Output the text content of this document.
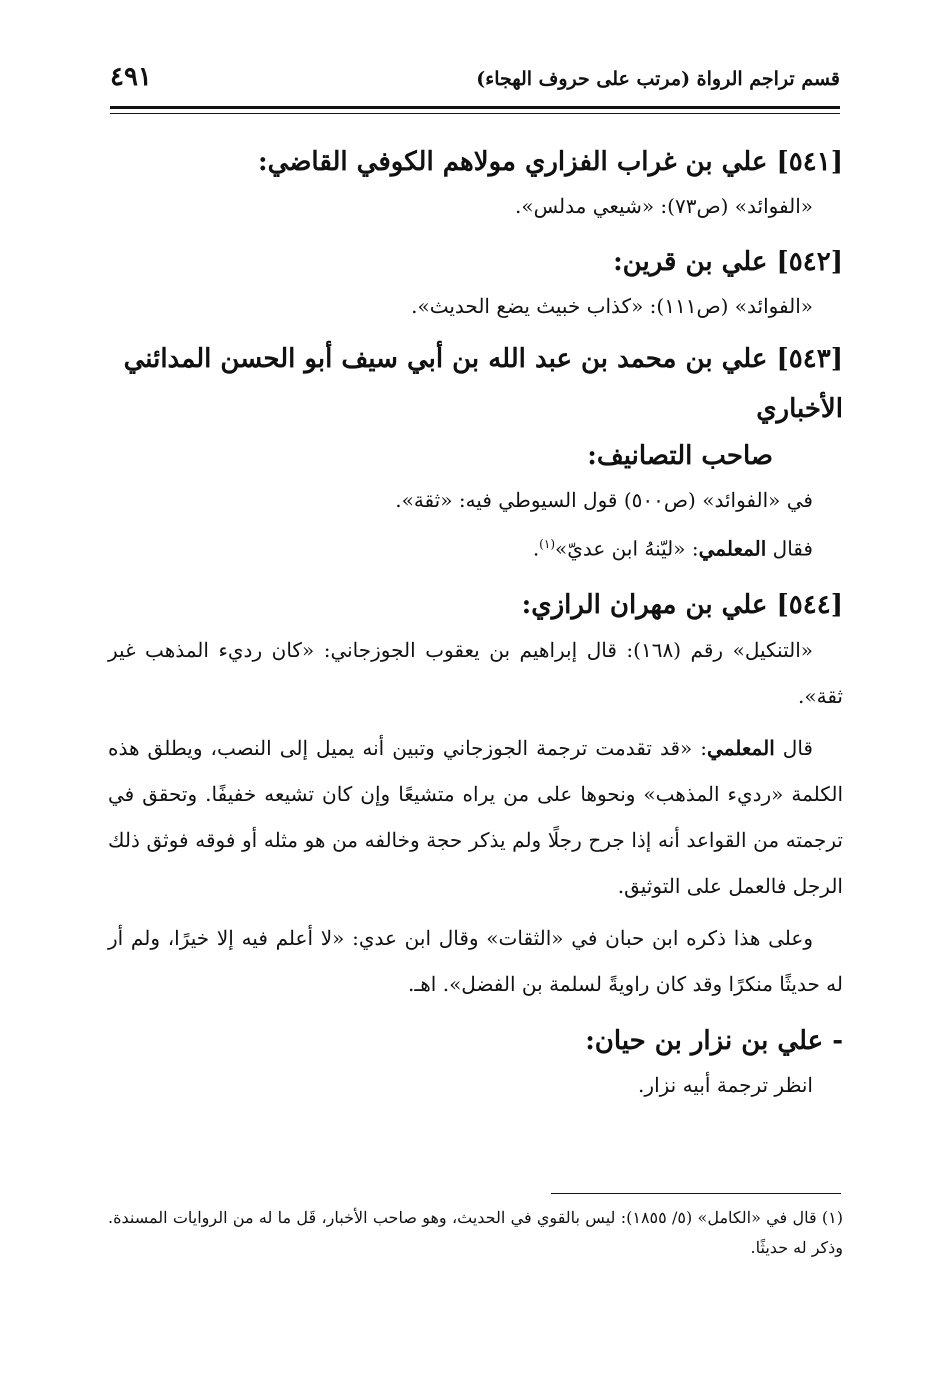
قسم تراجم الرواة (مرتب على حروف الهجاء)
٤٩١

[٥٤١] علي بن غراب الفزاري مولاهم الكوفي القاضي:

«الفوائد» (ص٧٣): «شيعي مدلس».

[٥٤٢] علي بن قرين:

«الفوائد» (ص١١١): «كذاب خبيث يضع الحديث».

[٥٤٣] علي بن محمد بن عبد الله بن أبي سيف أبو الحسن المدائني الأخباري

صاحب التصانيف:

في «الفوائد» (ص٥٠٠) قول السيوطي فيه: «ثقة».

فقال المعلمي: «ليّنهُ ابن عديّ»$^{(١)}$.

[٥٤٤] علي بن مهران الرازي:

«التنكيل» رقم (١٦٨): قال إبراهيم بن يعقوب الجوزجاني: «كان رديء المذهب غير ثقة».

قال المعلمي: «قد تقدمت ترجمة الجوزجاني وتبين أنه يميل إلى النصب، ويطلق هذه الكلمة «رديء المذهب» ونحوها على من يراه متشيعًا وإن كان تشيعه خفيفًا. وتحقق في ترجمته من القواعد أنه إذا جرح رجلًا ولم يذكر حجة وخالفه من هو مثله أو فوقه فوثق ذلك الرجل فالعمل على التوثيق.

وعلى هذا ذكره ابن حبان في «الثقات» وقال ابن عدي: «لا أعلم فيه إلا خيرًا، ولم أر له حديثًا منكرًا وقد كان راويةً لسلمة بن الفضل». اهـ.

- علي بن نزار بن حيان:

انظر ترجمة أبيه نزار.

(١) قال في «الكامل» (٥/ ١٨٥٥): ليس بالقوي في الحديث، وهو صاحب الأخبار، قَل ما له من الروايات المسندة. وذكر له حديثًا.
